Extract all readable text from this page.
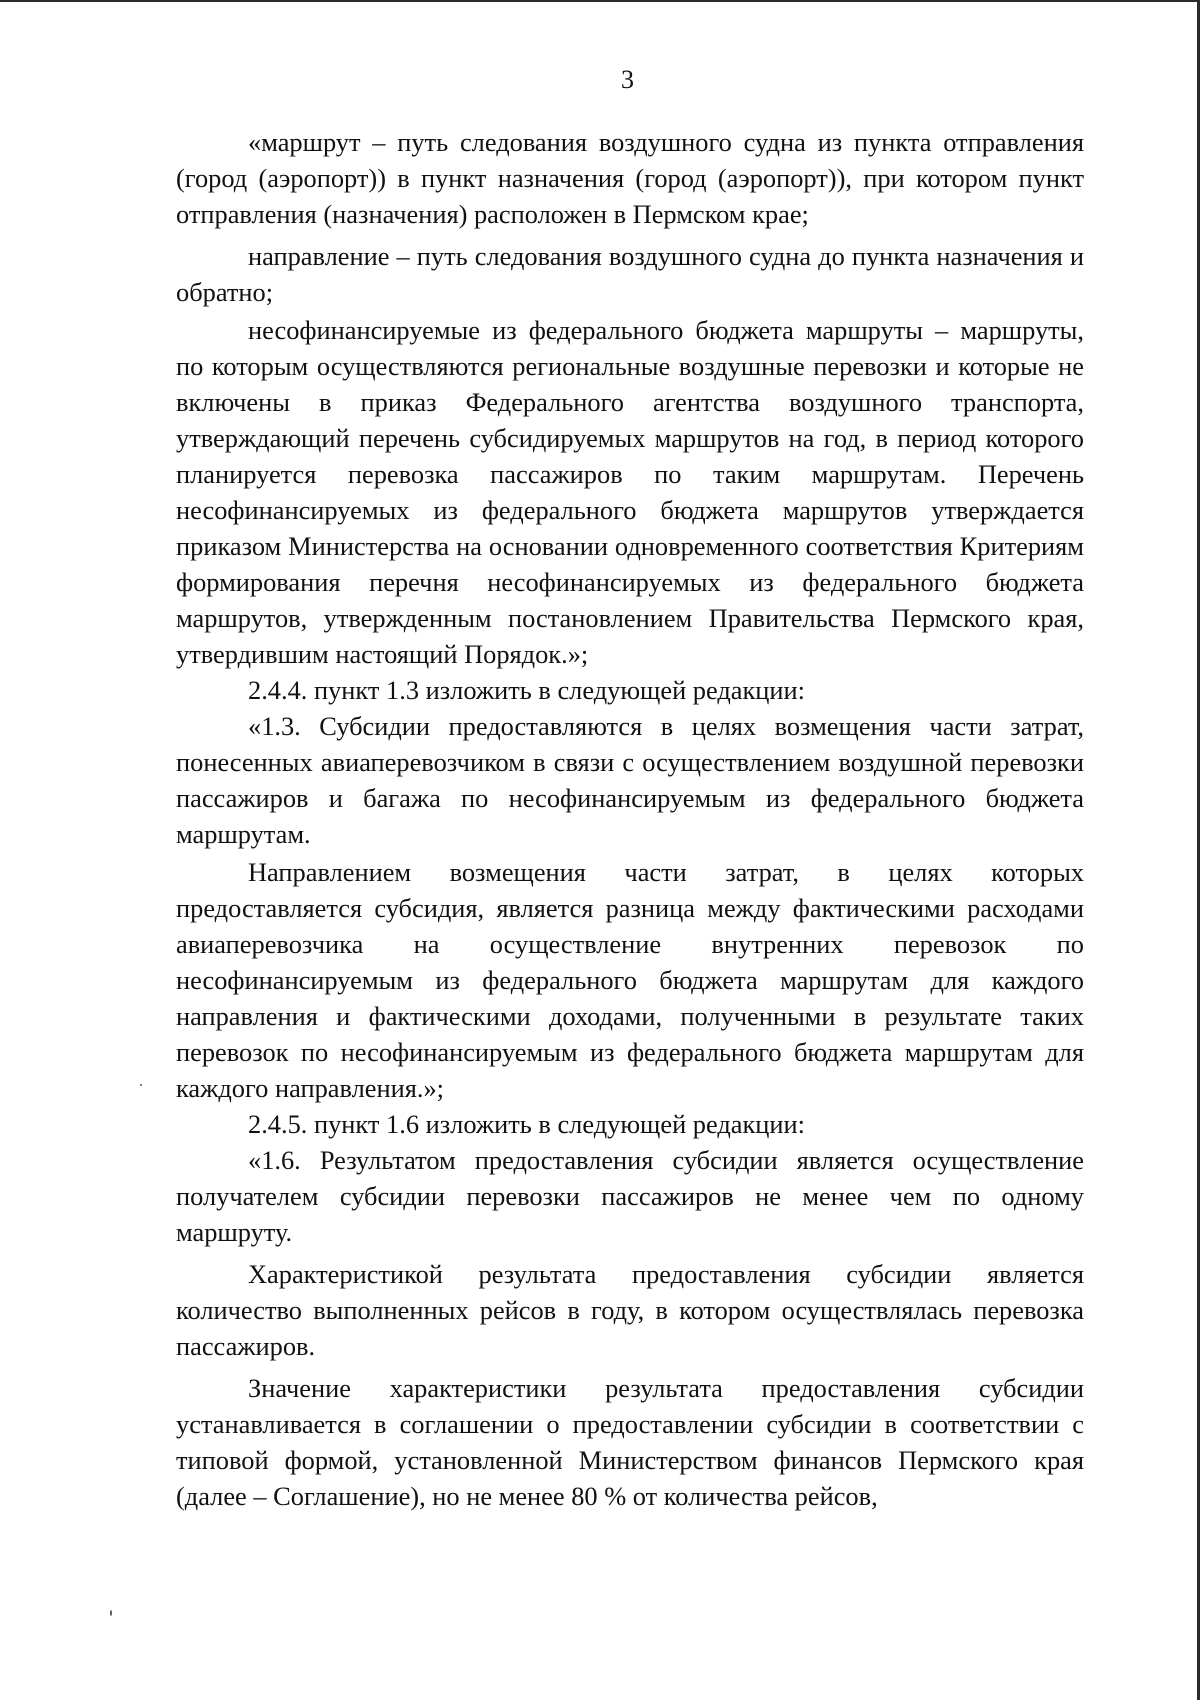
3

«маршрут – путь следования воздушного судна из пункта отправления (город (аэропорт)) в пункт назначения (город (аэропорт)), при котором пункт отправления (назначения) расположен в Пермском крае;

направление – путь следования воздушного судна до пункта назначения и обратно;

несофинансируемые из федерального бюджета маршруты – маршруты, по которым осуществляются региональные воздушные перевозки и которые не включены в приказ Федерального агентства воздушного транспорта, утверждающий перечень субсидируемых маршрутов на год, в период которого планируется перевозка пассажиров по таким маршрутам. Перечень несофинансируемых из федерального бюджета маршрутов утверждается приказом Министерства на основании одновременного соответствия Критериям формирования перечня несофинансируемых из федерального бюджета маршрутов, утвержденным постановлением Правительства Пермского края, утвердившим настоящий Порядок.»;

2.4.4. пункт 1.3 изложить в следующей редакции:

«1.3. Субсидии предоставляются в целях возмещения части затрат, понесенных авиаперевозчиком в связи с осуществлением воздушной перевозки пассажиров и багажа по несофинансируемым из федерального бюджета маршрутам.

Направлением возмещения части затрат, в целях которых предоставляется субсидия, является разница между фактическими расходами авиаперевозчика на осуществление внутренних перевозок по несофинансируемым из федерального бюджета маршрутам для каждого направления и фактическими доходами, полученными в результате таких перевозок по несофинансируемым из федерального бюджета маршрутам для каждого направления.»;

2.4.5. пункт 1.6 изложить в следующей редакции:

«1.6. Результатом предоставления субсидии является осуществление получателем субсидии перевозки пассажиров не менее чем по одному маршруту.

Характеристикой результата предоставления субсидии является количество выполненных рейсов в году, в котором осуществлялась перевозка пассажиров.

Значение характеристики результата предоставления субсидии устанавливается в соглашении о предоставлении субсидии в соответствии с типовой формой, установленной Министерством финансов Пермского края (далее – Соглашение), но не менее 80 % от количества рейсов,
